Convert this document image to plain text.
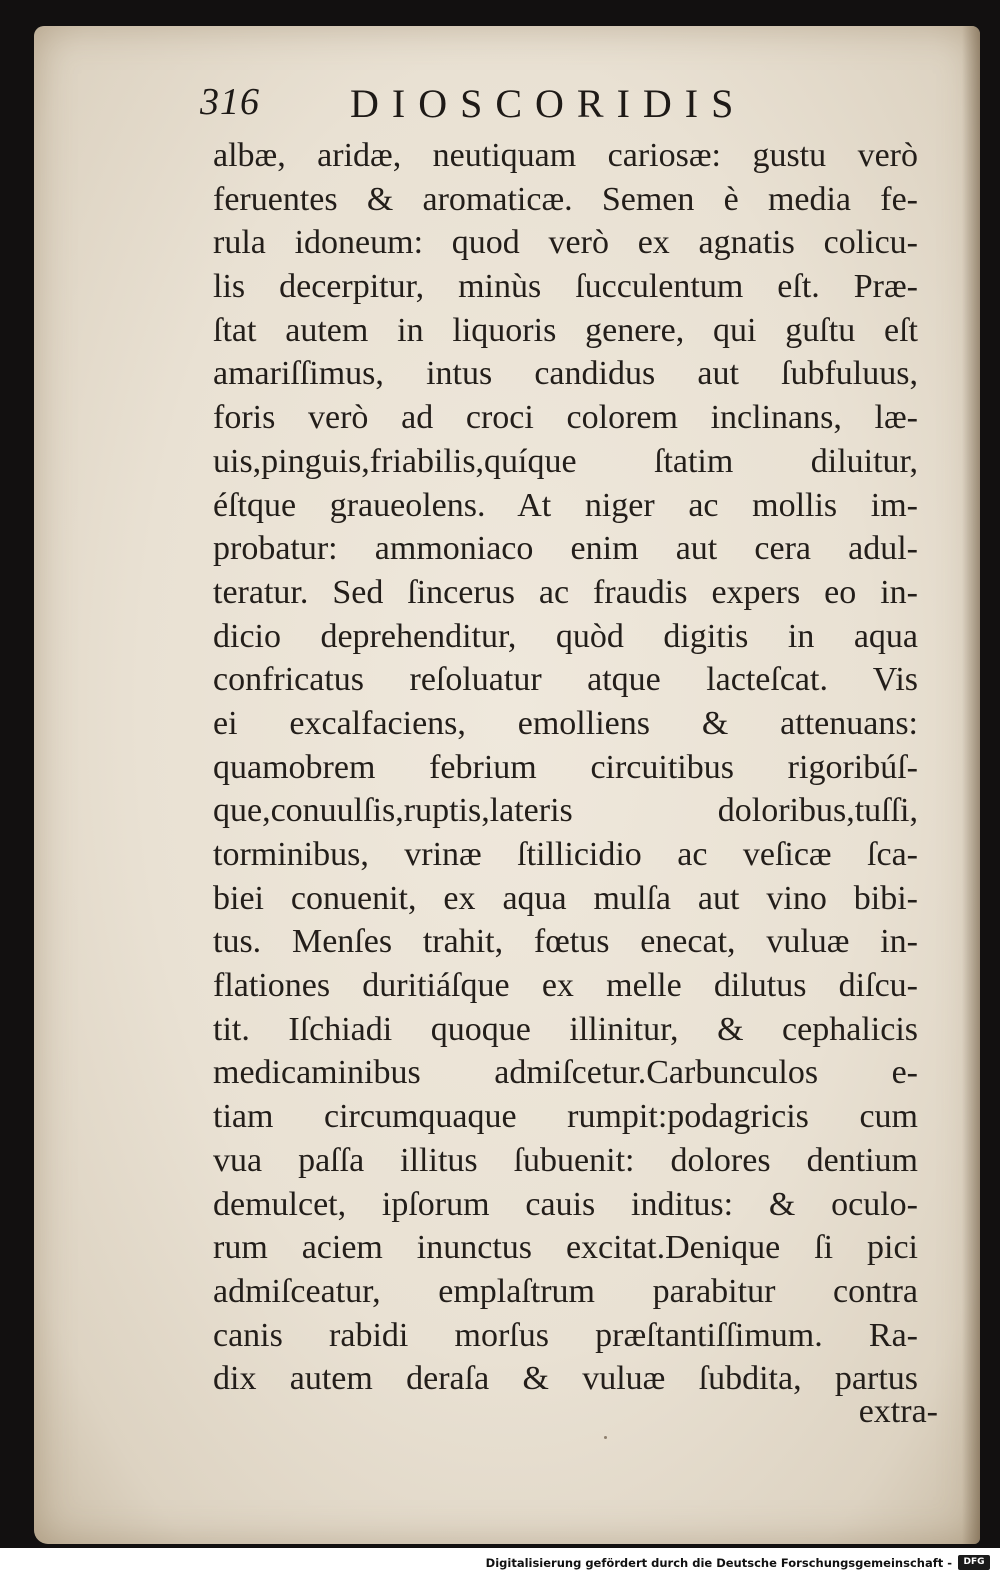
316 DIOSCORIDIS
albæ, aridæ, neutiquam cariosæ: gustu verò
feruentes & aromaticæ. Semen è media fe-
rula idoneum: quod verò ex agnatis colicu-
lis decerpitur, minùs ſucculentum eſt. Præ-
ſtat autem in liquoris genere, qui guſtu eſt
amariſſimus, intus candidus aut ſubfuluus,
foris verò ad croci colorem inclinans, læ-
uis,pinguis,friabilis,quíque ſtatim diluitur,
éſtque graueolens. At niger ac mollis im-
probatur: ammoniaco enim aut cera adul-
teratur. Sed ſincerus ac fraudis expers eo in-
dicio deprehenditur, quòd digitis in aqua
confricatus reſoluatur atque lacteſcat. Vis
ei excalfaciens, emolliens & attenuans:
quamobrem febrium circuitibus rigoribúſ-
que,conuulſis,ruptis,lateris doloribus,tuſſi,
torminibus, vrinæ ſtillicidio ac veſicæ ſca-
biei conuenit, ex aqua mulſa aut vino bibi-
tus. Menſes trahit, fœtus enecat, vuluæ in-
flationes duritiáſque ex melle dilutus diſcu-
tit. Iſchiadi quoque illinitur, & cephalicis
medicaminibus admiſcetur.Carbunculos e-
tiam circumquaque rumpit:podagricis cum
vua paſſa illitus ſubuenit: dolores dentium
demulcet, ipſorum cauis inditus: & oculo-
rum aciem inunctus excitat.Denique ſi pici
admiſceatur, emplaſtrum parabitur contra
canis rabidi morſus præſtantiſſimum. Ra-
dix autem deraſa & vuluæ ſubdita, partus
extra-
Digitalisierung gefördert durch die Deutsche Forschungsgemeinschaft -	DFG
